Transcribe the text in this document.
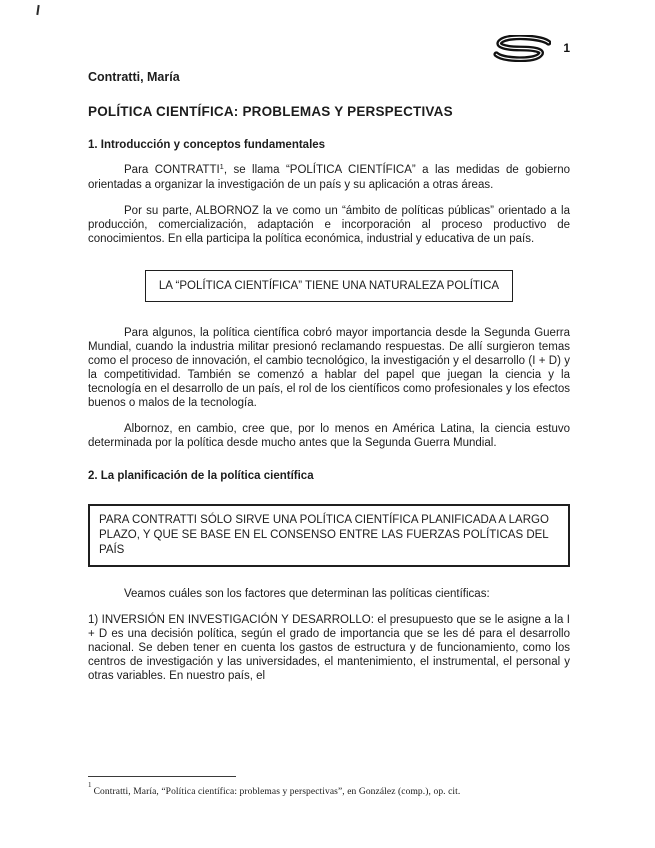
1
Contratti, María
POLÍTICA CIENTÍFICA: PROBLEMAS Y PERSPECTIVAS
1. Introducción y conceptos fundamentales

Para CONTRATTI$^1$, se llama “POLÍTICA CIENTÍFICA” a las medidas de gobierno orientadas a organizar la investigación de un país y su aplicación a otras áreas.

Por su parte, ALBORNOZ la ve como un “ámbito de políticas públicas” orientado a la producción, comercialización, adaptación e incorporación al proceso productivo de conocimientos. En ella participa la política económica, industrial y educativa de un país.

LA “POLÍTICA CIENTÍFICA” TIENE UNA NATURALEZA POLÍTICA

Para algunos, la política científica cobró mayor importancia desde la Segunda Guerra Mundial, cuando la industria militar presionó reclamando respuestas. De allí surgieron temas como el proceso de innovación, el cambio tecnológico, la investigación y el desarrollo (I + D) y la competitividad. También se comenzó a hablar del papel que juegan la ciencia y la tecnología en el desarrollo de un país, el rol de los científicos como profesionales y los efectos buenos o malos de la tecnología.

Albornoz, en cambio, cree que, por lo menos en América Latina, la ciencia estuvo determinada por la política desde mucho antes que la Segunda Guerra Mundial.

2. La planificación de la política científica
PARA CONTRATTI SÓLO SIRVE UNA POLÍTICA CIENTÍFICA PLANIFICADA A LARGO PLAZO, Y QUE SE BASE EN EL CONSENSO ENTRE LAS FUERZAS POLÍTICAS DEL PAÍS

Veamos cuáles son los factores que determinan las políticas científicas:

1) INVERSIÓN EN INVESTIGACIÓN Y DESARROLLO: el presupuesto que se le asigne a la I + D es una decisión política, según el grado de importancia que se les dé para el desarrollo nacional. Se deben tener en cuenta los gastos de estructura y de funcionamiento, como los centros de investigación y las universidades, el mantenimiento, el instrumental, el personal y otras variables. En nuestro país, el

$^1$Contratti, María, “Política científica: problemas y perspectivas”, en González (comp.), op. cit.
